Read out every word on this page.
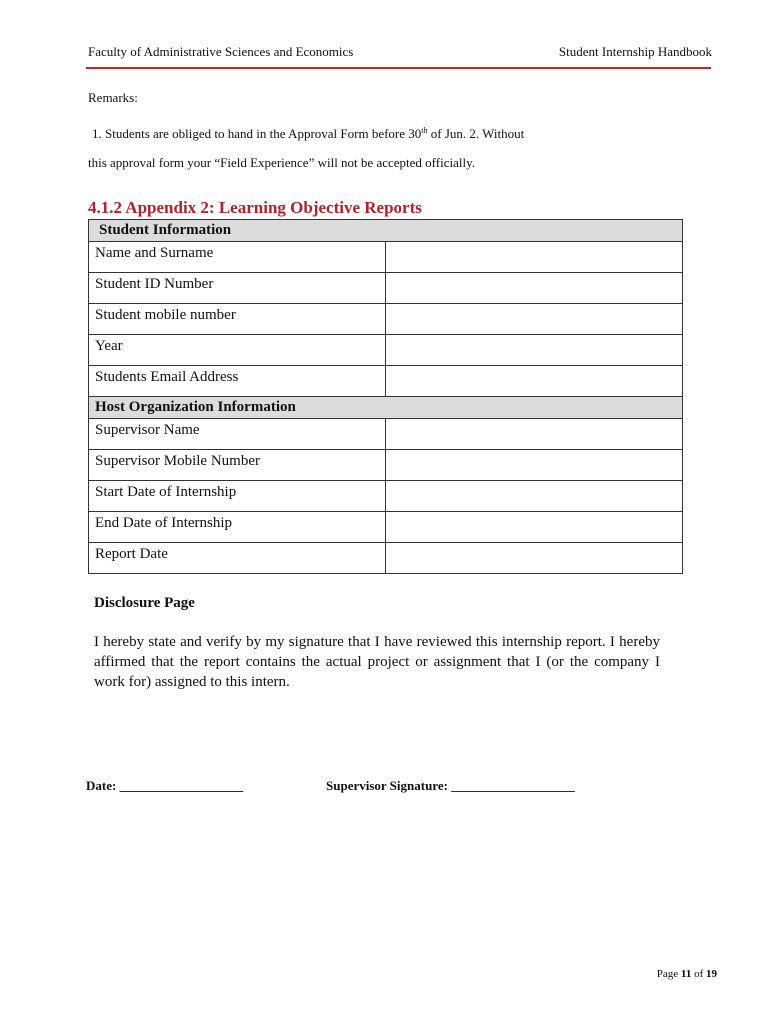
Faculty of Administrative Sciences and Economics	Student Internship Handbook
Remarks:
1. Students are obliged to hand in the Approval Form before 30th of Jun. 2. Without
this approval form your “Field Experience” will not be accepted officially.
4.1.2 Appendix 2: Learning Objective Reports
Student Information	
Name and Surname	
Student ID Number	
Student mobile number	
Year	
Students Email Address	
Host Organization Information	
Supervisor Name	
Supervisor Mobile Number	
Start Date of Internship	
End Date of Internship	
Report Date	
Disclosure Page
I hereby state and verify by my signature that I have reviewed this internship report. I hereby affirmed that the report contains the actual project or assignment that I (or the company I work for) assigned to this intern.
Date: ___________________	Supervisor Signature: ___________________
Page 11 of 19
